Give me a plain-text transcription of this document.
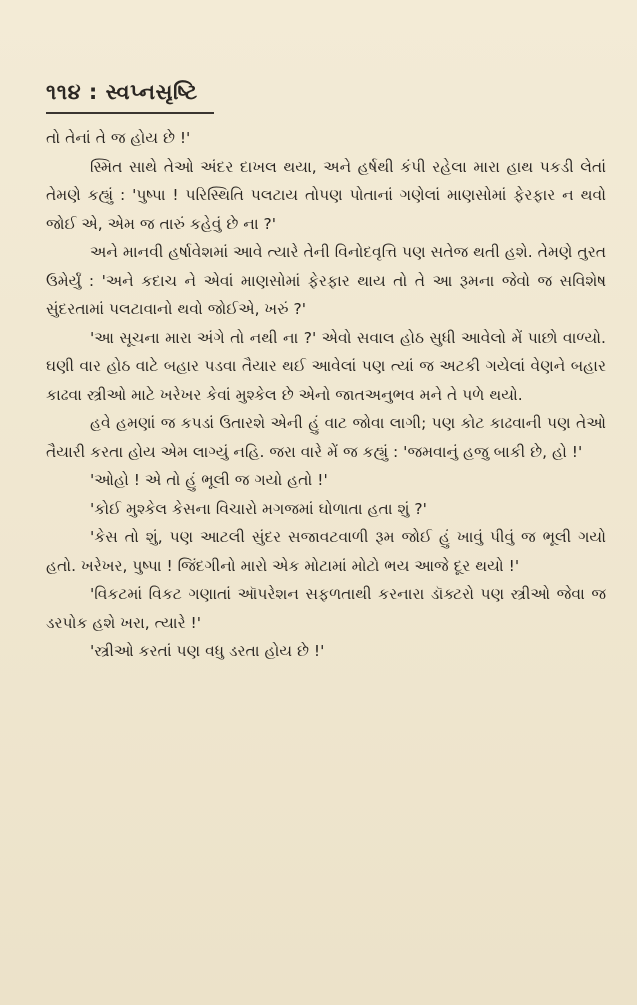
૧૧૪ : સ્વપ્નસૃષ્ટિ

તો તેનાં તે જ હોય છે !'

સ્મિત સાથે તેઓ અંદર દાખલ થયા, અને હર્ષથી કંપી રહેલા મારા હાથ પકડી લેતાં તેમણે કહ્યું : 'પુષ્પા ! પરિસ્થિતિ પલટાય તોપણ પોતાનાં ગણેલાં માણસોમાં ફેરફાર ન થવો જોઈ એ, એમ જ તારું કહેવું છે ના ?'

અને માનવી હર્ષાવેશમાં આવે ત્યારે તેની વિનોદવૃત્તિ પણ સતેજ થતી હશે. તેમણે તુરત ઉમેર્યું : 'અને કદાચ ને એવાં માણસોમાં ફેરફાર થાય તો તે આ રૂમના જેવો જ સવિશેષ સુંદરતામાં પલટાવાનો થવો જોઈએ, ખરું ?'

'આ સૂચના મારા અંગે તો નથી ના ?' એવો સવાલ હોઠ સુધી આવેલો મેં પાછો વાળ્યો. ઘણી વાર હોઠ વાટે બહાર પડવા તૈયાર થઈ આવેલાં પણ ત્યાં જ અટકી ગયેલાં વેણને બહાર કાઢવા સ્ત્રીઓ માટે ખરેખર કેવાં મુશ્કેલ છે એનો જાતઅનુભવ મને તે પળે થયો.

હવે હમણાં જ કપડાં ઉતારશે એની હું વાટ જોવા લાગી; પણ કોટ કાઢવાની પણ તેઓ તૈયારી કરતા હોય એમ લાગ્યું નહિ. જરા વારે મેં જ કહ્યું : 'જમવાનું હજુ બાકી છે, હો !'

'ઓહો ! એ તો હું ભૂલી જ ગયો હતો !'

'કોઈ મુશ્કેલ કેસના વિચારો મગજમાં ઘોળાતા હતા શું ?'

'કેસ તો શું, પણ આટલી સુંદર સજાવટવાળી રૂમ જોઈ હું ખાવું પીવું જ ભૂલી ગયો હતો. ખરેખર, પુષ્પા ! જિંદગીનો મારો એક મોટામાં મોટો ભય આજે દૂર થયો !'

'વિકટમાં વિકટ ગણાતાં ઑપરેશન સફળતાથી કરનારા ડૉક્ટરો પણ સ્ત્રીઓ જેવા જ ડરપોક હશે ખરા, ત્યારે !'

'સ્ત્રીઓ કરતાં પણ વધુ ડરતા હોય છે !'
